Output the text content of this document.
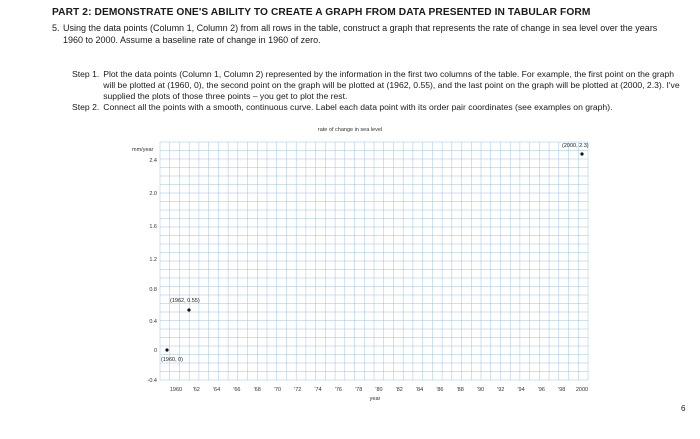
PART 2: DEMONSTRATE ONE'S ABILITY TO CREATE A GRAPH FROM DATA PRESENTED IN TABULAR FORM
5. Using the data points (Column 1, Column 2) from all rows in the table, construct a graph that represents the rate of change in sea level over the years 1960 to 2000. Assume a baseline rate of change in 1960 of zero.
Step 1. Plot the data points (Column 1, Column 2) represented by the information in the first two columns of the table. For example, the first point on the graph will be plotted at (1960, 0), the second point on the graph will be plotted at (1962, 0.55), and the last point on the graph will be plotted at (2000, 2.3). I've supplied the plots of those three points – you get to plot the rest.
Step 2. Connect all the points with a smooth, continuous curve. Label each data point with its order pair coordinates (see examples on graph).
rate of change in sea level
mm/year
2.4
2.0
1.6
1.2
0.8
0.4
0
-0.4
1960 '62 '64 '66 '68 '70 '72 '74 '76 '78 '80 '82 '84 '86 '88 '90 '92 '94 '96 '98 2000
year
(1960, 0)
(1962, 0.55)
(2000, 2.3)
6
